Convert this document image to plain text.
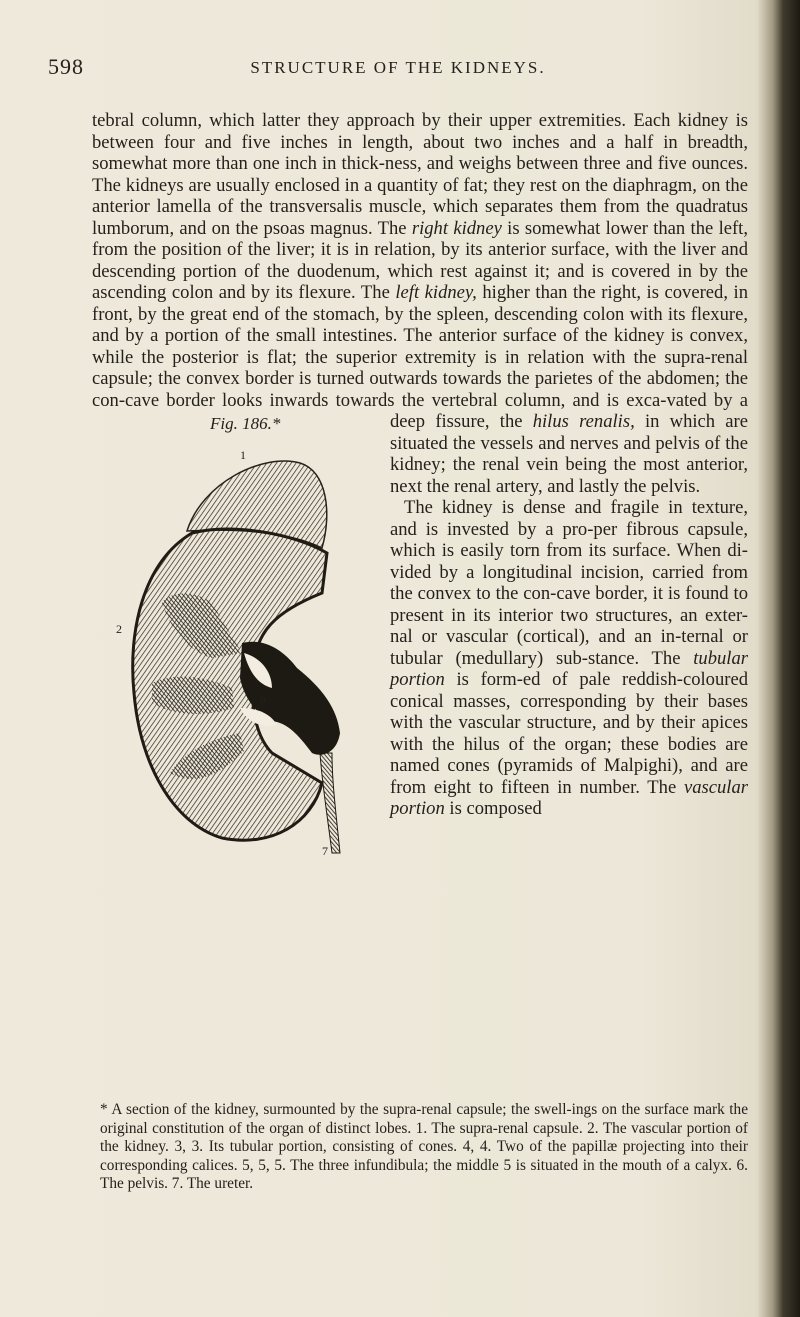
598	STRUCTURE OF THE KIDNEYS.

tebral column, which latter they approach by their upper extremities. Each kidney is between four and five inches in length, about two inches and a half in breadth, somewhat more than one inch in thick-ness, and weighs between three and five ounces. The kidneys are usually enclosed in a quantity of fat; they rest on the diaphragm, on the anterior lamella of the transversalis muscle, which separates them from the quadratus lumborum, and on the psoas magnus. The right kidney is somewhat lower than the left, from the position of the liver; it is in relation, by its anterior surface, with the liver and descending portion of the duodenum, which rest against it; and is covered in by the ascending colon and by its flexure. The left kidney, higher than the right, is covered, in front, by the great end of the stomach, by the spleen, descending colon with its flexure, and by a portion of the small intestines. The anterior surface of the kidney is convex, while the posterior is flat; the superior extremity is in relation with the supra-renal capsule; the convex border is turned outwards towards the parietes of the abdomen; the con-cave border looks inwards towards the vertebral column, and is exca-vated by a deep fissure, the
Fig. 186.*
2
1
6
7
hilus renalis, in which are situated the vessels and nerves and pelvis of the kidney; the renal vein being the most anterior, next the renal artery, and lastly the pelvis.

The kidney is dense and fragile in texture, and is invested by a pro-per fibrous capsule, which is easily torn from its surface. When di-vided by a longitudinal incision, carried from the convex to the con-cave border, it is found to present in its interior two structures, an exter-nal or vascular (cortical), and an in-ternal or tubular (medullary) sub-stance. The tubular portion is form-ed of pale reddish-coloured conical masses, corresponding by their bases with the vascular structure, and by their apices with the hilus of the organ; these bodies are named cones (pyramids of Malpighi), and are from eight to fifteen in number. The vascular portion is composed

* A section of the kidney, surmounted by the supra-renal capsule; the swell-ings on the surface mark the original constitution of the organ of distinct lobes. 1. The supra-renal capsule. 2. The vascular portion of the kidney. 3, 3. Its tubular portion, consisting of cones. 4, 4. Two of the papillæ projecting into their corresponding calices. 5, 5, 5. The three infundibula; the middle 5 is situated in the mouth of a calyx. 6. The pelvis. 7. The ureter.
